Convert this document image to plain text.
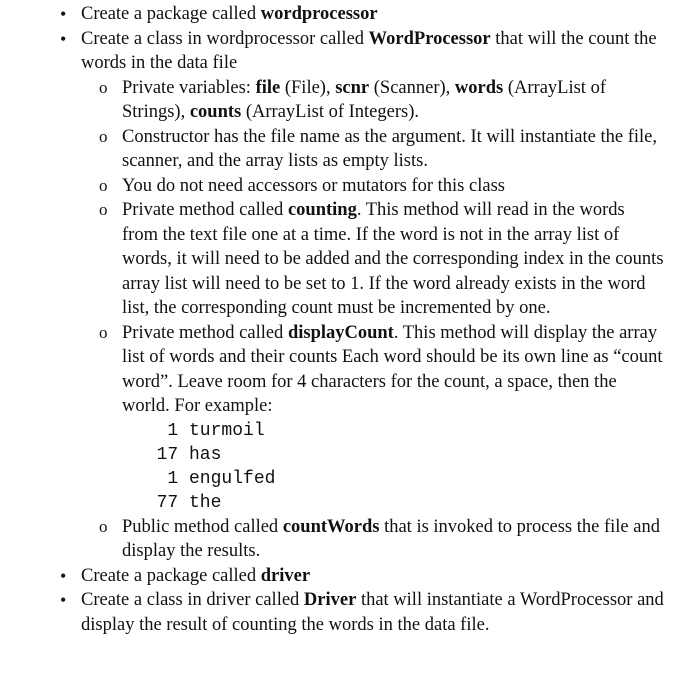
• Create a package called wordprocessor
• Create a class in wordprocessor called WordProcessor that will the count the words in the data file
o Private variables: file (File), scnr (Scanner), words (ArrayList of Strings), counts (ArrayList of Integers).
o Constructor has the file name as the argument. It will instantiate the file, scanner, and the array lists as empty lists.
o You do not need accessors or mutators for this class
o Private method called counting. This method will read in the words from the text file one at a time. If the word is not in the array list of words, it will need to be added and the corresponding index in the counts array list will need to be set to 1. If the word already exists in the word list, the corresponding count must be incremented by one.
o Private method called displayCount. This method will display the array list of words and their counts Each word should be its own line as “count word”. Leave room for 4 characters for the count, a space, then the world. For example:
1 turmoil
17 has
1 engulfed
77 the
o Public method called countWords that is invoked to process the file and display the results.
• Create a package called driver
• Create a class in driver called Driver that will instantiate a WordProcessor and display the result of counting the words in the data file.
